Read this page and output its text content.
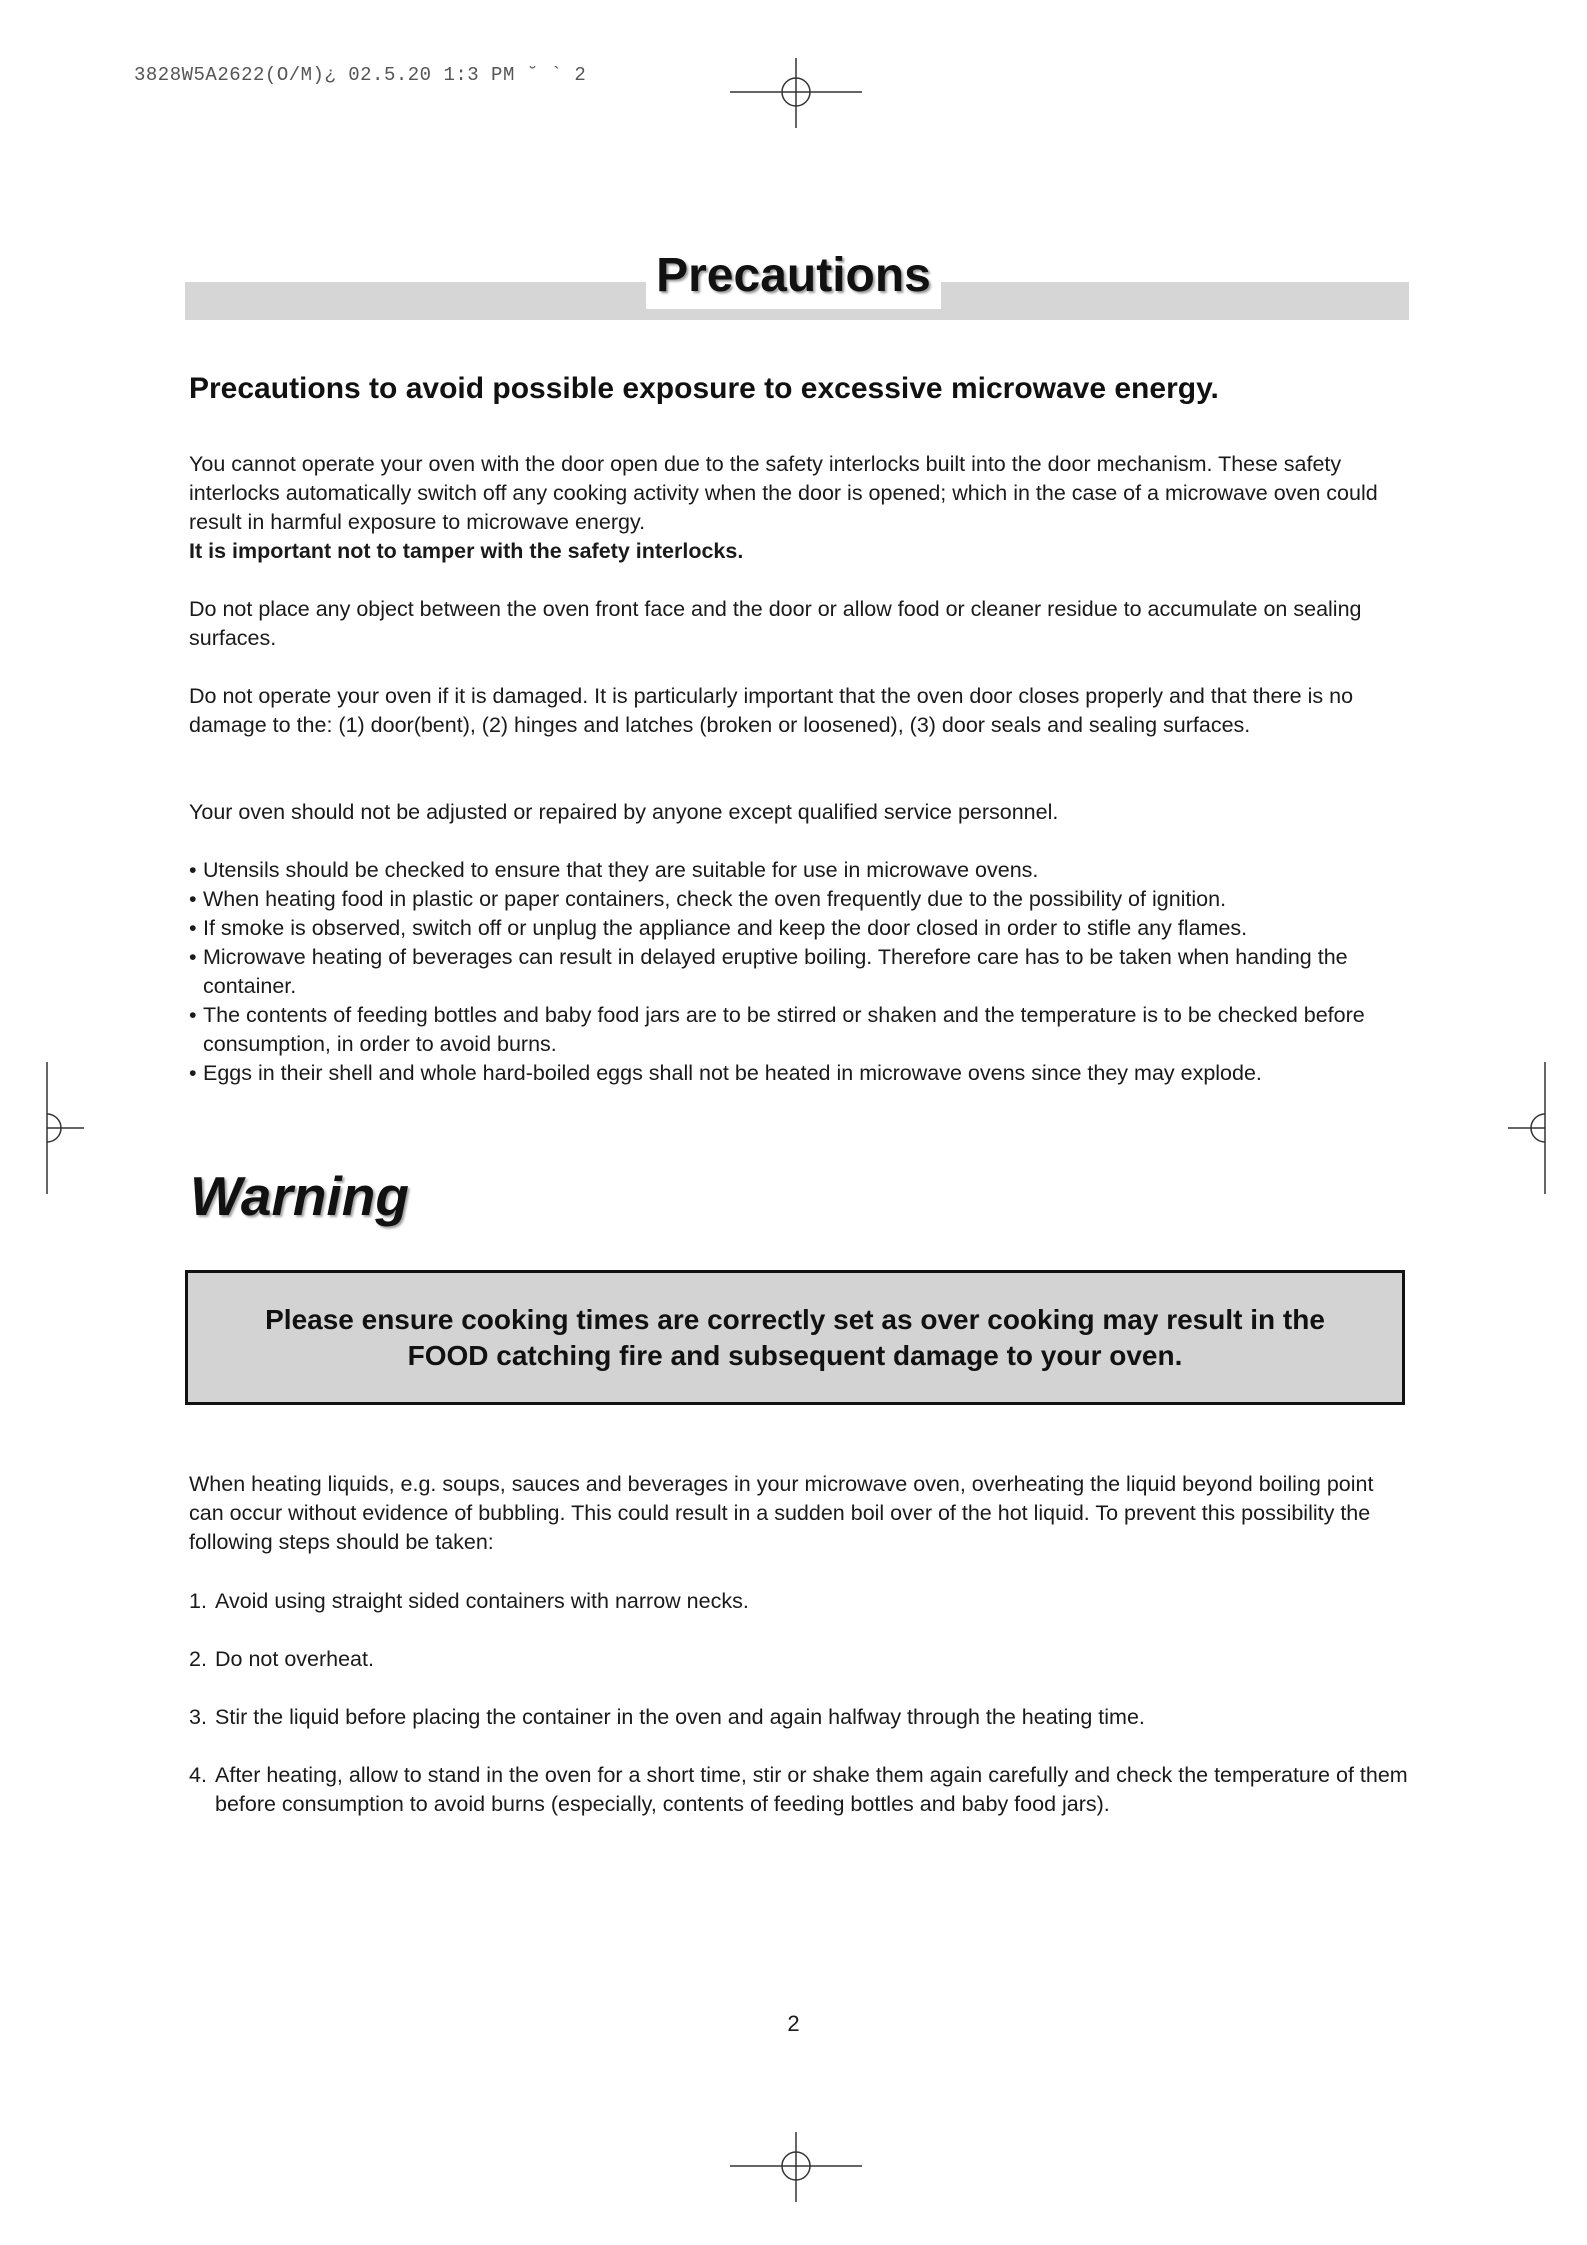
3828W5A2622(O/M)¿ 02.5.20 1:3 PM ˘ ` 2
Precautions
Precautions to avoid possible exposure to excessive microwave energy.

You cannot operate your oven with the door open due to the safety interlocks built into the door mechanism. These safety interlocks automatically switch off any cooking activity when the door is opened; which in the case of a microwave oven could result in harmful exposure to microwave energy.
It is important not to tamper with the safety interlocks.

Do not place any object between the oven front face and the door or allow food or cleaner residue to accumulate on sealing surfaces.

Do not operate your oven if it is damaged. It is particularly important that the oven door closes properly and that there is no damage to the: (1) door(bent), (2) hinges and latches (broken or loosened), (3) door seals and sealing surfaces.

Your oven should not be adjusted or repaired by anyone except qualified service personnel.

• Utensils should be checked to ensure that they are suitable for use in microwave ovens.
• When heating food in plastic or paper containers, check the oven frequently due to the possibility of ignition.
• If smoke is observed, switch off or unplug the appliance and keep the door closed in order to stifle any flames.
• Microwave heating of beverages can result in delayed eruptive boiling. Therefore care has to be taken when handing the container.
• The contents of feeding bottles and baby food jars are to be stirred or shaken and the temperature is to be checked before consumption, in order to avoid burns.
• Eggs in their shell and whole hard-boiled eggs shall not be heated in microwave ovens since they may explode.
Warning
Please ensure cooking times are correctly set as over cooking may result in the FOOD catching fire and subsequent damage to your oven.

When heating liquids, e.g. soups, sauces and beverages in your microwave oven, overheating the liquid beyond boiling point can occur without evidence of bubbling. This could result in a sudden boil over of the hot liquid. To prevent this possibility the following steps should be taken:

1. Avoid using straight sided containers with narrow necks.
2. Do not overheat.
3. Stir the liquid before placing the container in the oven and again halfway through the heating time.
4. After heating, allow to stand in the oven for a short time, stir or shake them again carefully and check the temperature of them before consumption to avoid burns (especially, contents of feeding bottles and baby food jars).
2
